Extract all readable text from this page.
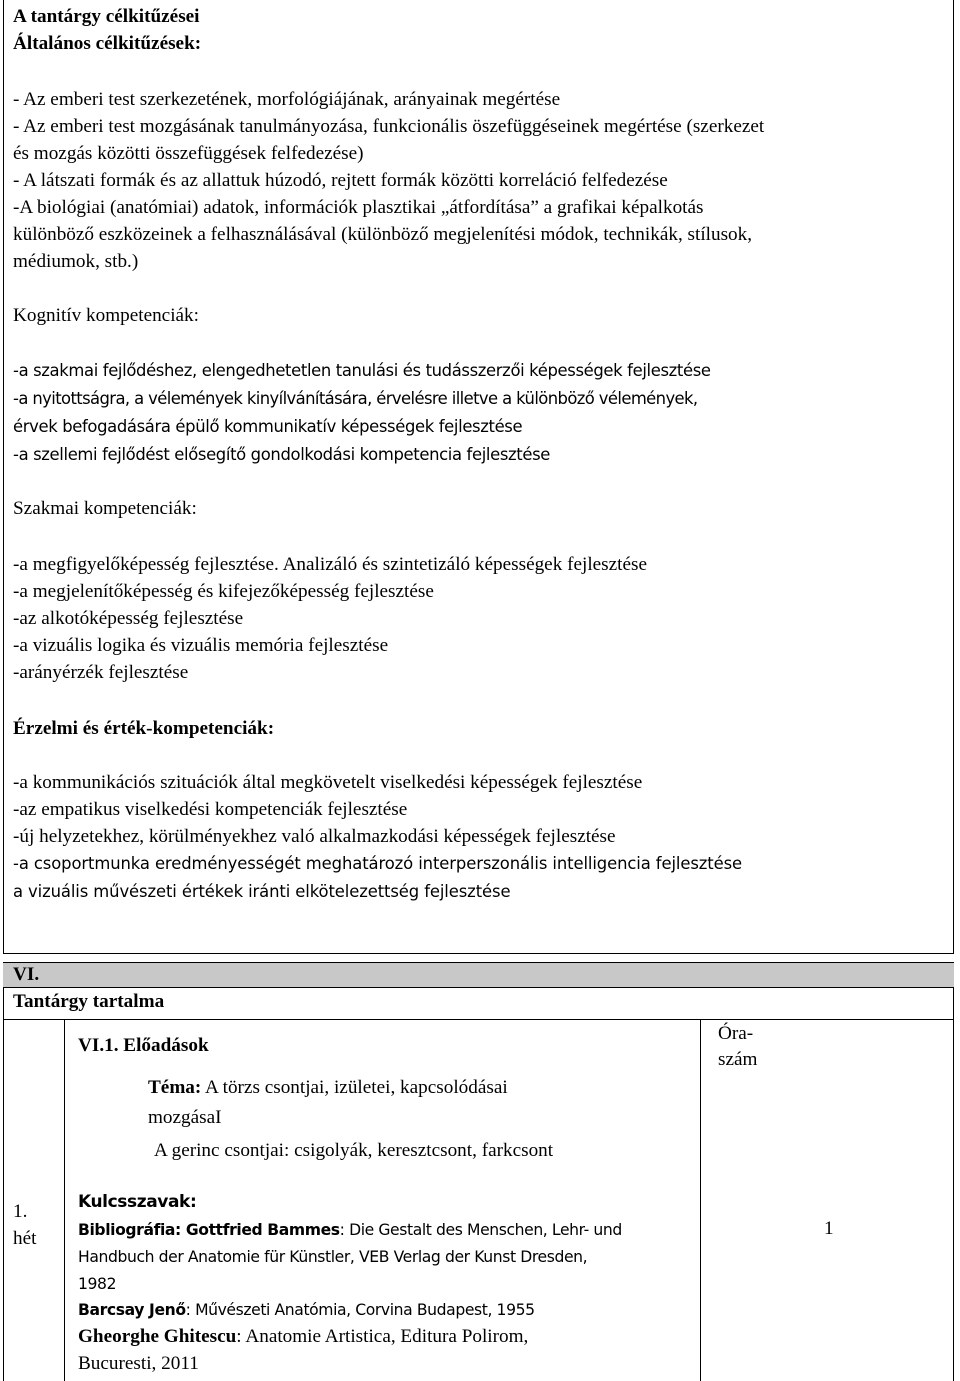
A tantárgy célkitűzései
Általános célkitűzések:
- Az emberi test szerkezetének, morfológiájának, arányainak megértése
- Az emberi test mozgásának tanulmányozása, funkcionális öszefüggéseinek megértése (szerkezet
és mozgás közötti összefüggések felfedezése)
- A látszati formák és az allattuk húzodó, rejtett formák közötti korreláció felfedezése
-A biológiai (anatómiai) adatok, információk plasztikai „átfordítása” a grafikai képalkotás
különböző eszközeinek a felhasználásával (különböző megjelenítési módok, technikák, stílusok,
médiumok, stb.)
Kognitív kompetenciák:
-a szakmai fejlődéshez, elengedhetetlen tanulási és tudásszerzői képességek fejlesztése
-a nyitottságra, a vélemények kinyílvánítására, érvelésre illetve a különböző vélemények,
érvek befogadására épülő kommunikatív képességek fejlesztése
-a szellemi fejlődést elősegítő gondolkodási kompetencia fejlesztése
Szakmai kompetenciák:
-a megfigyelőképesség fejlesztése. Analizáló és szintetizáló képességek fejlesztése
-a megjelenítőképesség és kifejezőképesség fejlesztése
-az alkotóképesség fejlesztése
-a vizuális logika és vizuális memória fejlesztése
-arányérzék fejlesztése
Érzelmi és érték-kompetenciák:
-a kommunikációs szituációk által megkövetelt viselkedési képességek fejlesztése
-az empatikus viselkedési kompetenciák fejlesztése
-új helyzetekhez, körülményekhez való alkalmazkodási képességek fejlesztése
-a csoportmunka eredményességét meghatározó interperszonális intelligencia fejlesztése
a vizuális művészeti értékek iránti elkötelezettség fejlesztése
VI.
Tantárgy tartalma
VI.1. Előadások
Óra-
szám
Téma: A törzs csontjai, izületei, kapcsolódásai
mozgásaI
A gerinc csontjai: csigolyák, keresztcsont, farkcsont
1.
hét	1
Kulcsszavak:
Bibliográfia: Gottfried Bammes: Die Gestalt des Menschen, Lehr- und
Handbuch der Anatomie für Künstler, VEB Verlag der Kunst Dresden,
1982
Barcsay Jenő: Művészeti Anatómia, Corvina Budapest, 1955
Gheorghe Ghitescu: Anatomie Artistica, Editura Polirom,
Bucuresti, 2011
